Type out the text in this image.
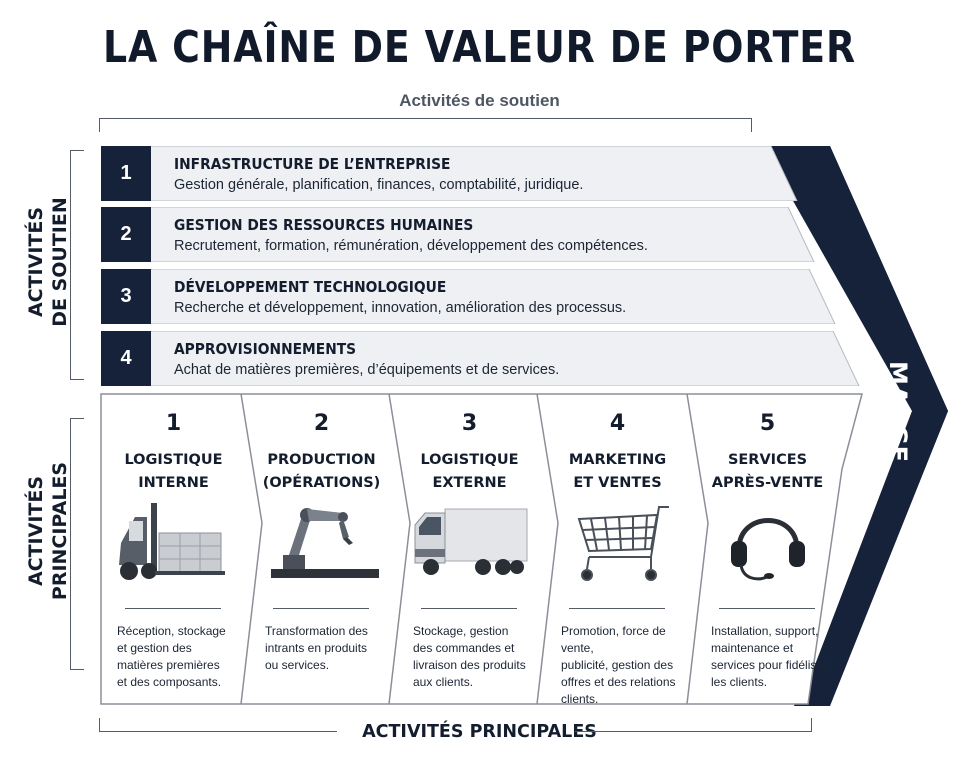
LA CHAÎNE DE VALEUR DE PORTER
Activités de soutien
ACTIVITÉS DE SOUTIEN
ACTIVITÉS PRINCIPALES
MARGE
1	INFRASTRUCTURE DE L’ENTREPRISE
Gestion générale, planification, finances, comptabilité, juridique.
2	GESTION DES RESSOURCES HUMAINES
Recrutement, formation, rémunération, développement des compétences.
3	DÉVELOPPEMENT TECHNOLOGIQUE
Recherche et développement, innovation, amélioration des processus.
4	APPROVISIONNEMENTS
Achat de matières premières, d’équipements et de services.
1
LOGISTIQUE
INTERNE
Réception, stockage
et gestion des
matières premières
et des composants.
2
PRODUCTION
(OPÉRATIONS)
Transformation des
intrants en produits
ou services.
3
LOGISTIQUE
EXTERNE
Stockage, gestion
des commandes et
livraison des produits
aux clients.
4
MARKETING
ET VENTES
Promotion, force de vente,
publicité, gestion des
offres et des relations
clients.
5
SERVICES
APRÈS-VENTE
Installation, support,
maintenance et
services pour fidéliser
les clients.
ACTIVITÉS PRINCIPALES
